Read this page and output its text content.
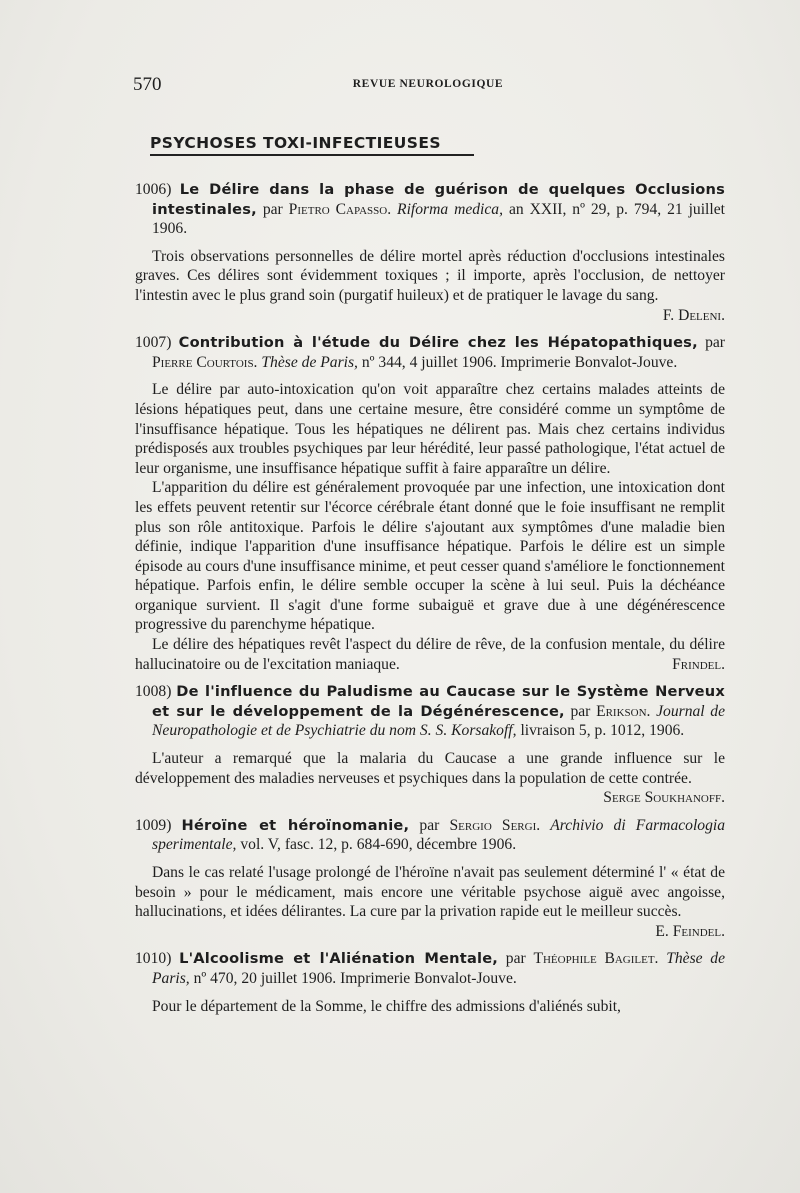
570	REVUE NEUROLOGIQUE
PSYCHOSES TOXI-INFECTIEUSES

1006) Le Délire dans la phase de guérison de quelques Occlusions intestinales, par Pietro Capasso. Riforma medica, an XXII, nº 29, p. 794, 21 juillet 1906.

Trois observations personnelles de délire mortel après réduction d'occlusions intestinales graves. Ces délires sont évidemment toxiques ; il importe, après l'occlusion, de nettoyer l'intestin avec le plus grand soin (purgatif huileux) et de pratiquer le lavage du sang.
F. Deleni.

1007) Contribution à l'étude du Délire chez les Hépatopathiques, par Pierre Courtois. Thèse de Paris, nº 344, 4 juillet 1906. Imprimerie Bonvalot-Jouve.

Le délire par auto-intoxication qu'on voit apparaître chez certains malades atteints de lésions hépatiques peut, dans une certaine mesure, être considéré comme un symptôme de l'insuffisance hépatique. Tous les hépatiques ne délirent pas. Mais chez certains individus prédisposés aux troubles psychiques par leur hérédité, leur passé pathologique, l'état actuel de leur organisme, une insuffisance hépatique suffit à faire apparaître un délire.

L'apparition du délire est généralement provoquée par une infection, une intoxication dont les effets peuvent retentir sur l'écorce cérébrale étant donné que le foie insuffisant ne remplit plus son rôle antitoxique. Parfois le délire s'ajoutant aux symptômes d'une maladie bien définie, indique l'apparition d'une insuffisance hépatique. Parfois le délire est un simple épisode au cours d'une insuffisance minime, et peut cesser quand s'améliore le fonctionnement hépatique. Parfois enfin, le délire semble occuper la scène à lui seul. Puis la déchéance organique survient. Il s'agit d'une forme subaiguë et grave due à une dégénérescence progressive du parenchyme hépatique.

Le délire des hépatiques revêt l'aspect du délire de rêve, de la confusion mentale, du délire hallucinatoire ou de l'excitation maniaque.	Frindel.

1008) De l'influence du Paludisme au Caucase sur le Système Nerveux et sur le développement de la Dégénérescence, par Erikson. Journal de Neuropathologie et de Psychiatrie du nom S. S. Korsakoff, livraison 5, p. 1012, 1906.

L'auteur a remarqué que la malaria du Caucase a une grande influence sur le développement des maladies nerveuses et psychiques dans la population de cette contrée.
Serge Soukhanoff.

1009) Héroïne et héroïnomanie, par Sergio Sergi. Archivio di Farmacologia sperimentale, vol. V, fasc. 12, p. 684-690, décembre 1906.

Dans le cas relaté l'usage prolongé de l'héroïne n'avait pas seulement déterminé l' « état de besoin » pour le médicament, mais encore une véritable psychose aiguë avec angoisse, hallucinations, et idées délirantes. La cure par la privation rapide eut le meilleur succès.
E. Feindel.

1010) L'Alcoolisme et l'Aliénation Mentale, par Théophile Bagilet. Thèse de Paris, nº 470, 20 juillet 1906. Imprimerie Bonvalot-Jouve.

Pour le département de la Somme, le chiffre des admissions d'aliénés subit,
